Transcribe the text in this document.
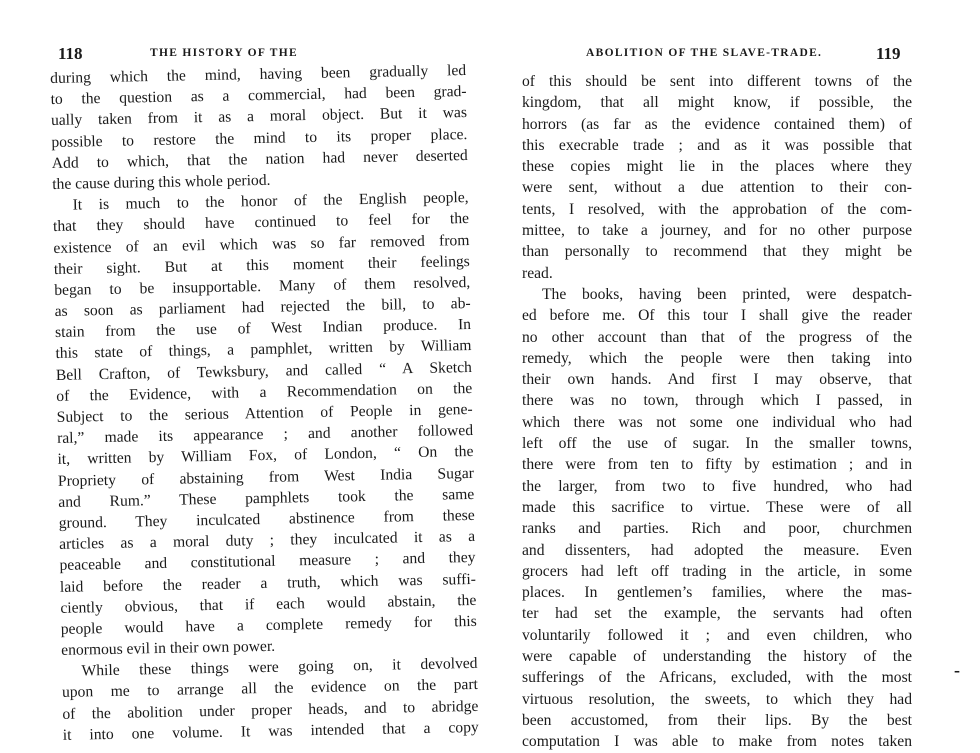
118	THE HISTORY OF THE
during which the mind, having been gradually led
to the question as a commercial, had been grad-
ually taken from it as a moral object. But it was
possible to restore the mind to its proper place.
Add to which, that the nation had never deserted
the cause during this whole period.
It is much to the honor of the English people,
that they should have continued to feel for the
existence of an evil which was so far removed from
their sight. But at this moment their feelings
began to be insupportable. Many of them resolved,
as soon as parliament had rejected the bill, to ab-
stain from the use of West Indian produce. In
this state of things, a pamphlet, written by William
Bell Crafton, of Tewksbury, and called “ A Sketch
of the Evidence, with a Recommendation on the
Subject to the serious Attention of People in gene-
ral,” made its appearance ; and another followed
it, written by William Fox, of London, “ On the
Propriety of abstaining from West India Sugar
and Rum.” These pamphlets took the same
ground. They inculcated abstinence from these
articles as a moral duty ; they inculcated it as a
peaceable and constitutional measure ; and they
laid before the reader a truth, which was suffi-
ciently obvious, that if each would abstain, the
people would have a complete remedy for this
enormous evil in their own power.
While these things were going on, it devolved
upon me to arrange all the evidence on the part
of the abolition under proper heads, and to abridge
it into one volume. It was intended that a copy
ABOLITION OF THE SLAVE-TRADE.	119
of this should be sent into different towns of the
kingdom, that all might know, if possible, the
horrors (as far as the evidence contained them) of
this execrable trade ; and as it was possible that
these copies might lie in the places where they
were sent, without a due attention to their con-
tents, I resolved, with the approbation of the com-
mittee, to take a journey, and for no other purpose
than personally to recommend that they might be
read.
The books, having been printed, were despatch-
ed before me. Of this tour I shall give the reader
no other account than that of the progress of the
remedy, which the people were then taking into
their own hands. And first I may observe, that
there was no town, through which I passed, in
which there was not some one individual who had
left off the use of sugar. In the smaller towns,
there were from ten to fifty by estimation ; and in
the larger, from two to five hundred, who had
made this sacrifice to virtue. These were of all
ranks and parties. Rich and poor, churchmen
and dissenters, had adopted the measure. Even
grocers had left off trading in the article, in some
places. In gentlemen’s families, where the mas-
ter had set the example, the servants had often
voluntarily followed it ; and even children, who
were capable of understanding the history of the
sufferings of the Africans, excluded, with the most
virtuous resolution, the sweets, to which they had
been accustomed, from their lips. By the best
computation I was able to make from notes taken
-
